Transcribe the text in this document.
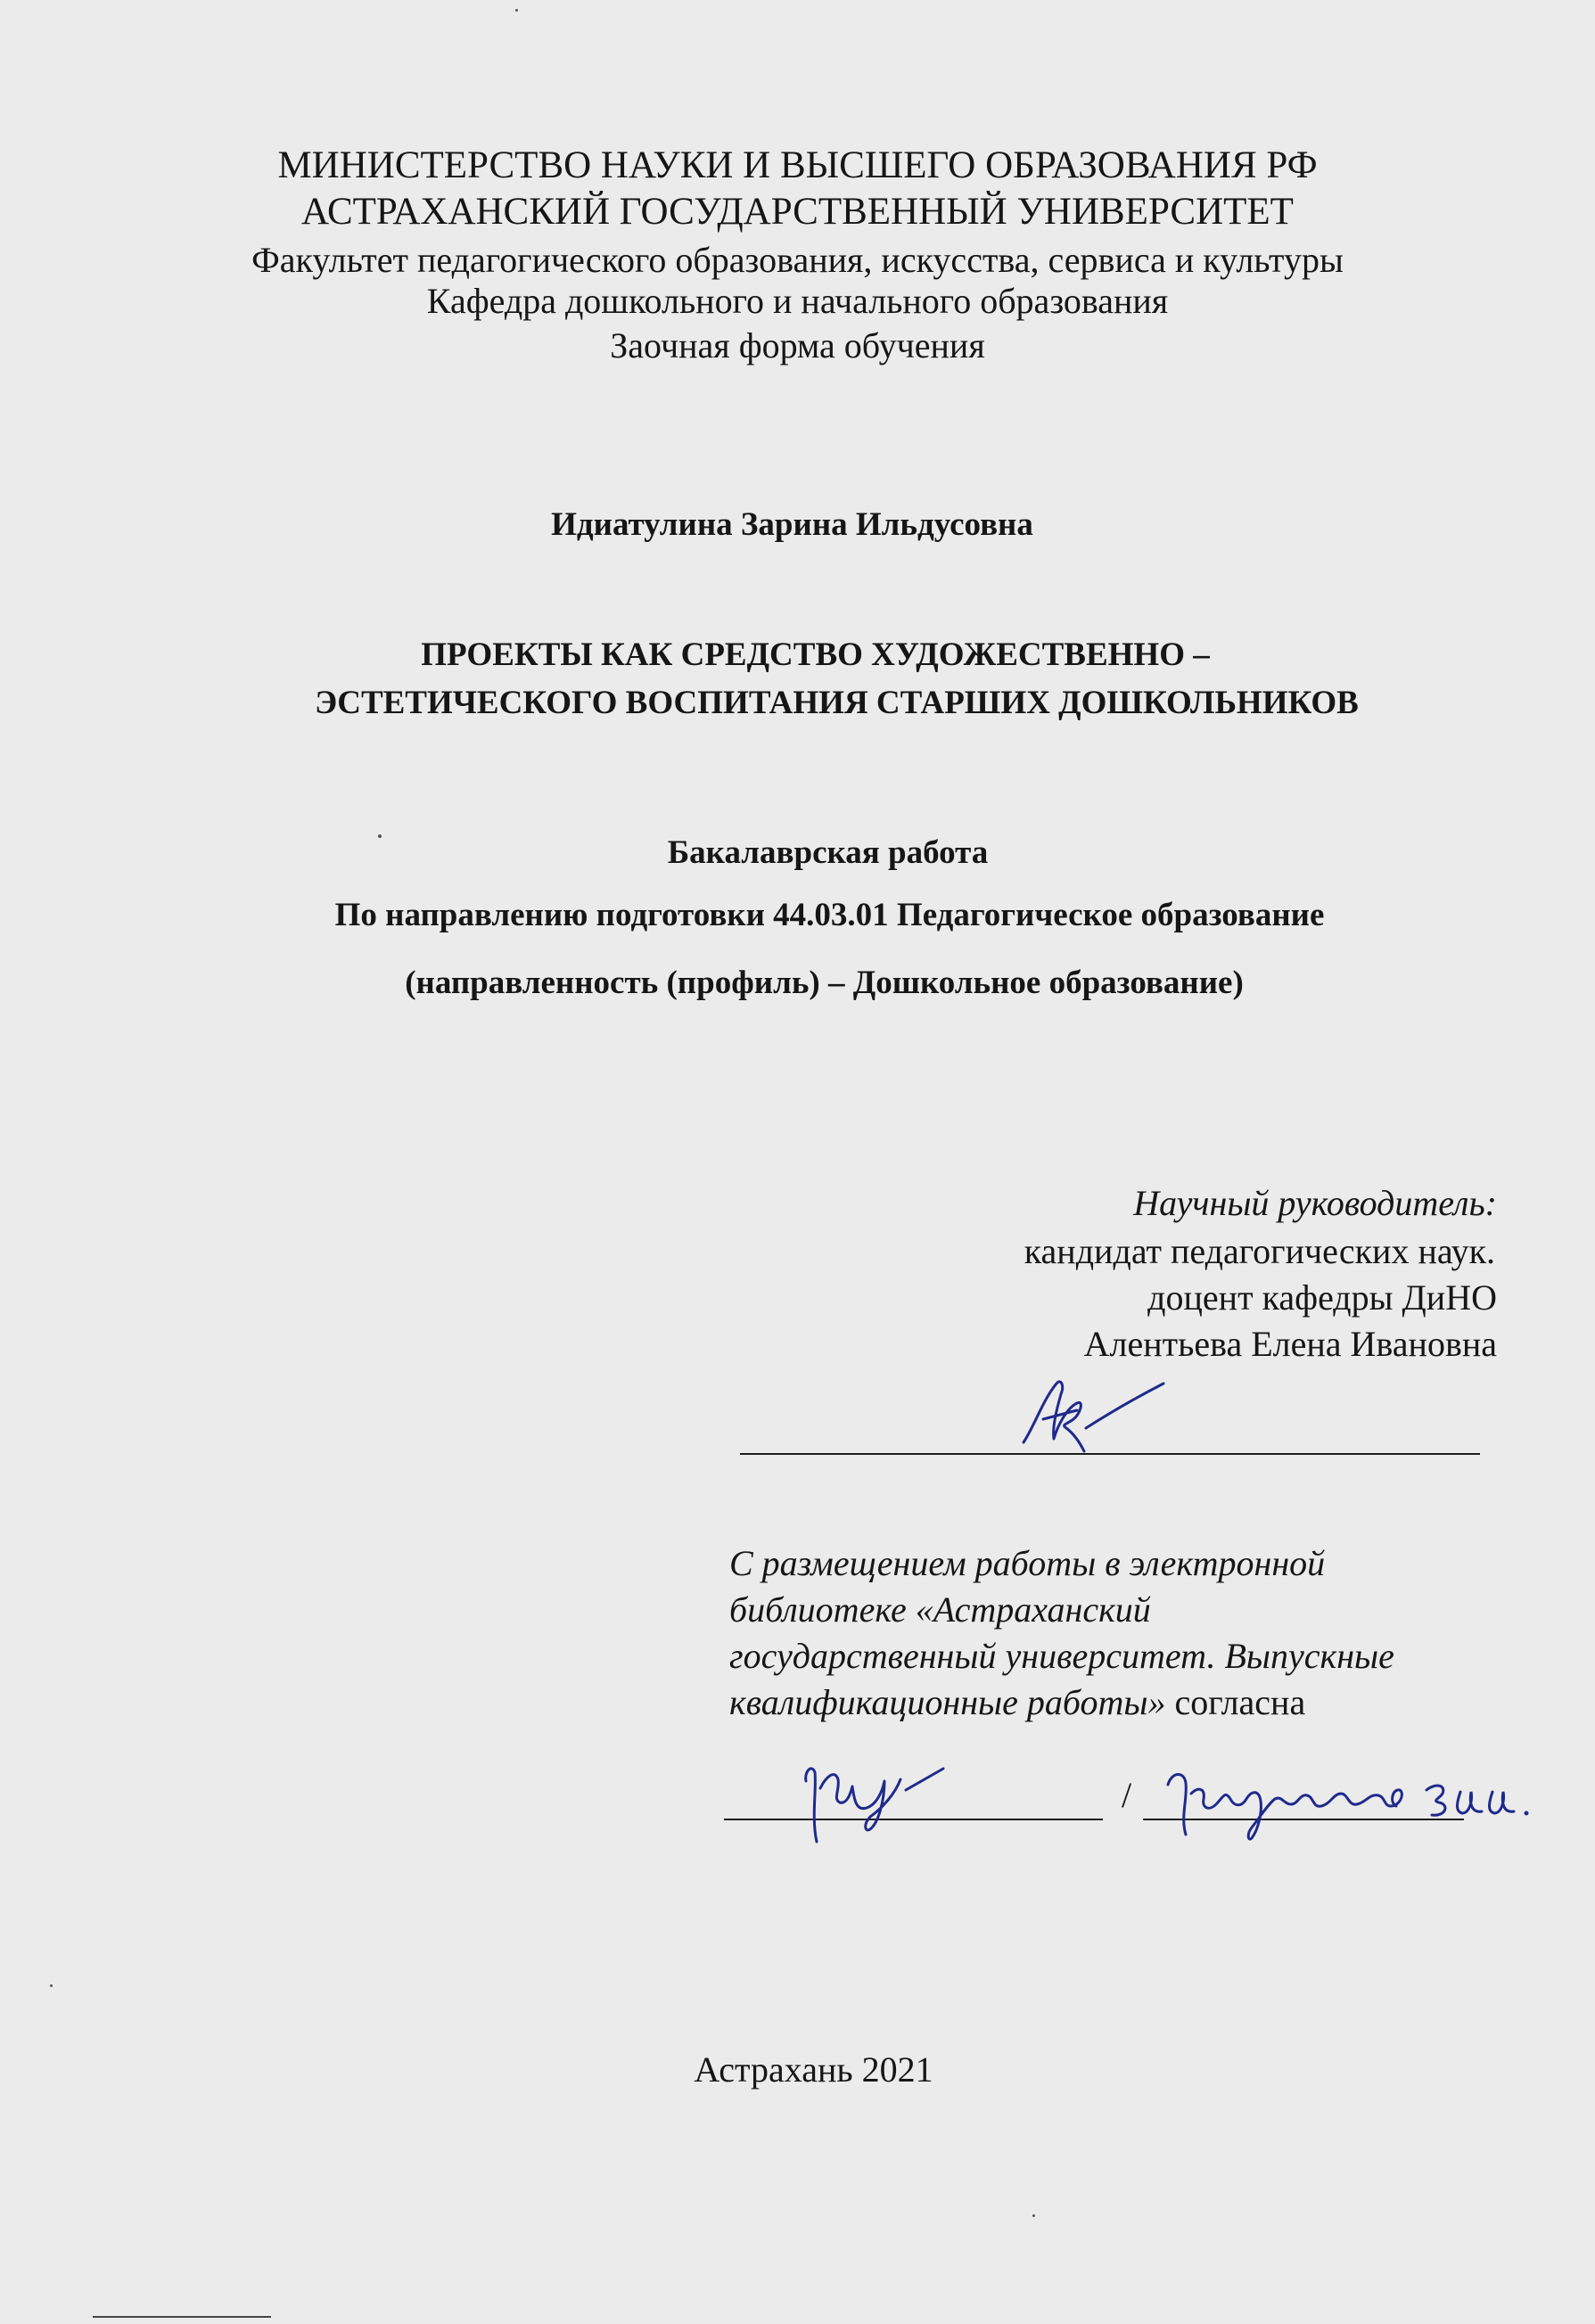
МИНИСТЕРСТВО НАУКИ И ВЫСШЕГО ОБРАЗОВАНИЯ РФ
АСТРАХАНСКИЙ ГОСУДАРСТВЕННЫЙ УНИВЕРСИТЕТ
Факультет педагогического образования, искусства, сервиса и культуры
Кафедра дошкольного и начального образования
Заочная форма обучения
Идиатулина Зарина Ильдусовна
ПРОЕКТЫ КАК СРЕДСТВО ХУДОЖЕСТВЕННО –
ЭСТЕТИЧЕСКОГО ВОСПИТАНИЯ СТАРШИХ ДОШКОЛЬНИКОВ
Бакалаврская работа
По направлению подготовки 44.03.01 Педагогическое образование
(направленность (профиль) – Дошкольное образование)
Научный руководитель:
кандидат педагогических наук.
доцент кафедры ДиНО
Алентьева Елена Ивановна
С размещением работы в электронной
библиотеке «Астраханский
государственный университет. Выпускные
квалификационные работы» согласна
/
Астрахань 2021
